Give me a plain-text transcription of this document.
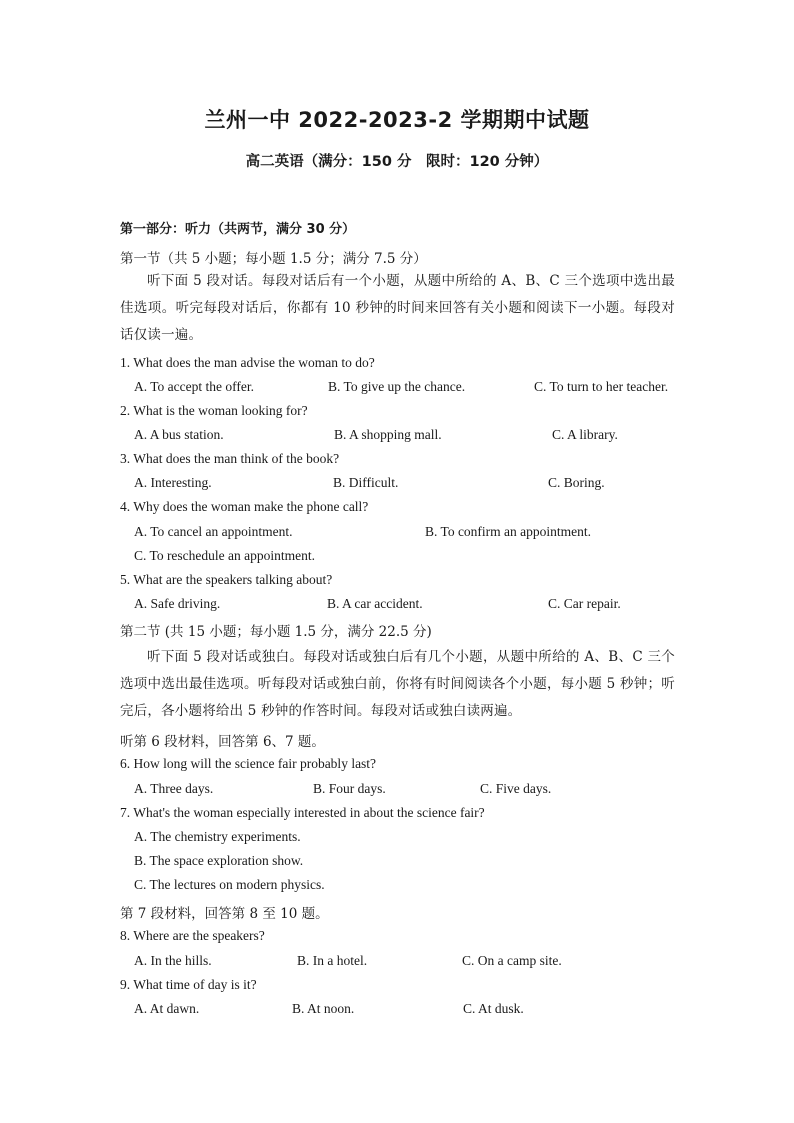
兰州一中 2022-2023-2 学期期中试题
高二英语（满分：150 分　限时：120 分钟）
第一部分：听力（共两节，满分 30 分）
第一节（共 5 小题；每小题 1.5 分；满分 7.5 分）
听下面 5 段对话。每段对话后有一个小题，从题中所给的 A、B、C 三个选项中选出最佳选项。听完每段对话后，你都有 10 秒钟的时间来回答有关小题和阅读下一小题。每段对话仅读一遍。
1. What does the man advise the woman to do?
A. To accept the offer.	B. To give up the chance.	C. To turn to her teacher.
2. What is the woman looking for?
A. A bus station.	B. A shopping mall.	C. A library.
3. What does the man think of the book?
A. Interesting.	B. Difficult.	C. Boring.
4. Why does the woman make the phone call?
A. To cancel an appointment.	B. To confirm an appointment.
C. To reschedule an appointment.
5. What are the speakers talking about?
A. Safe driving.	B. A car accident.	C. Car repair.
第二节 (共 15 小题；每小题 1.5 分，满分 22.5 分)
听下面 5 段对话或独白。每段对话或独白后有几个小题，从题中所给的 A、B、C 三个选项中选出最佳选项。听每段对话或独白前，你将有时间阅读各个小题，每小题 5 秒钟；听完后，各小题将给出 5 秒钟的作答时间。每段对话或独白读两遍。
听第 6 段材料，回答第 6、7 题。
6. How long will the science fair probably last?
A. Three days.	B. Four days.	C. Five days.
7. What's the woman especially interested in about the science fair?
A. The chemistry experiments.
B. The space exploration show.
C. The lectures on modern physics.
第 7 段材料，回答第 8 至 10 题。
8. Where are the speakers?
A. In the hills.	B. In a hotel.	C. On a camp site.
9. What time of day is it?
A. At dawn.	B. At noon.	C. At dusk.
